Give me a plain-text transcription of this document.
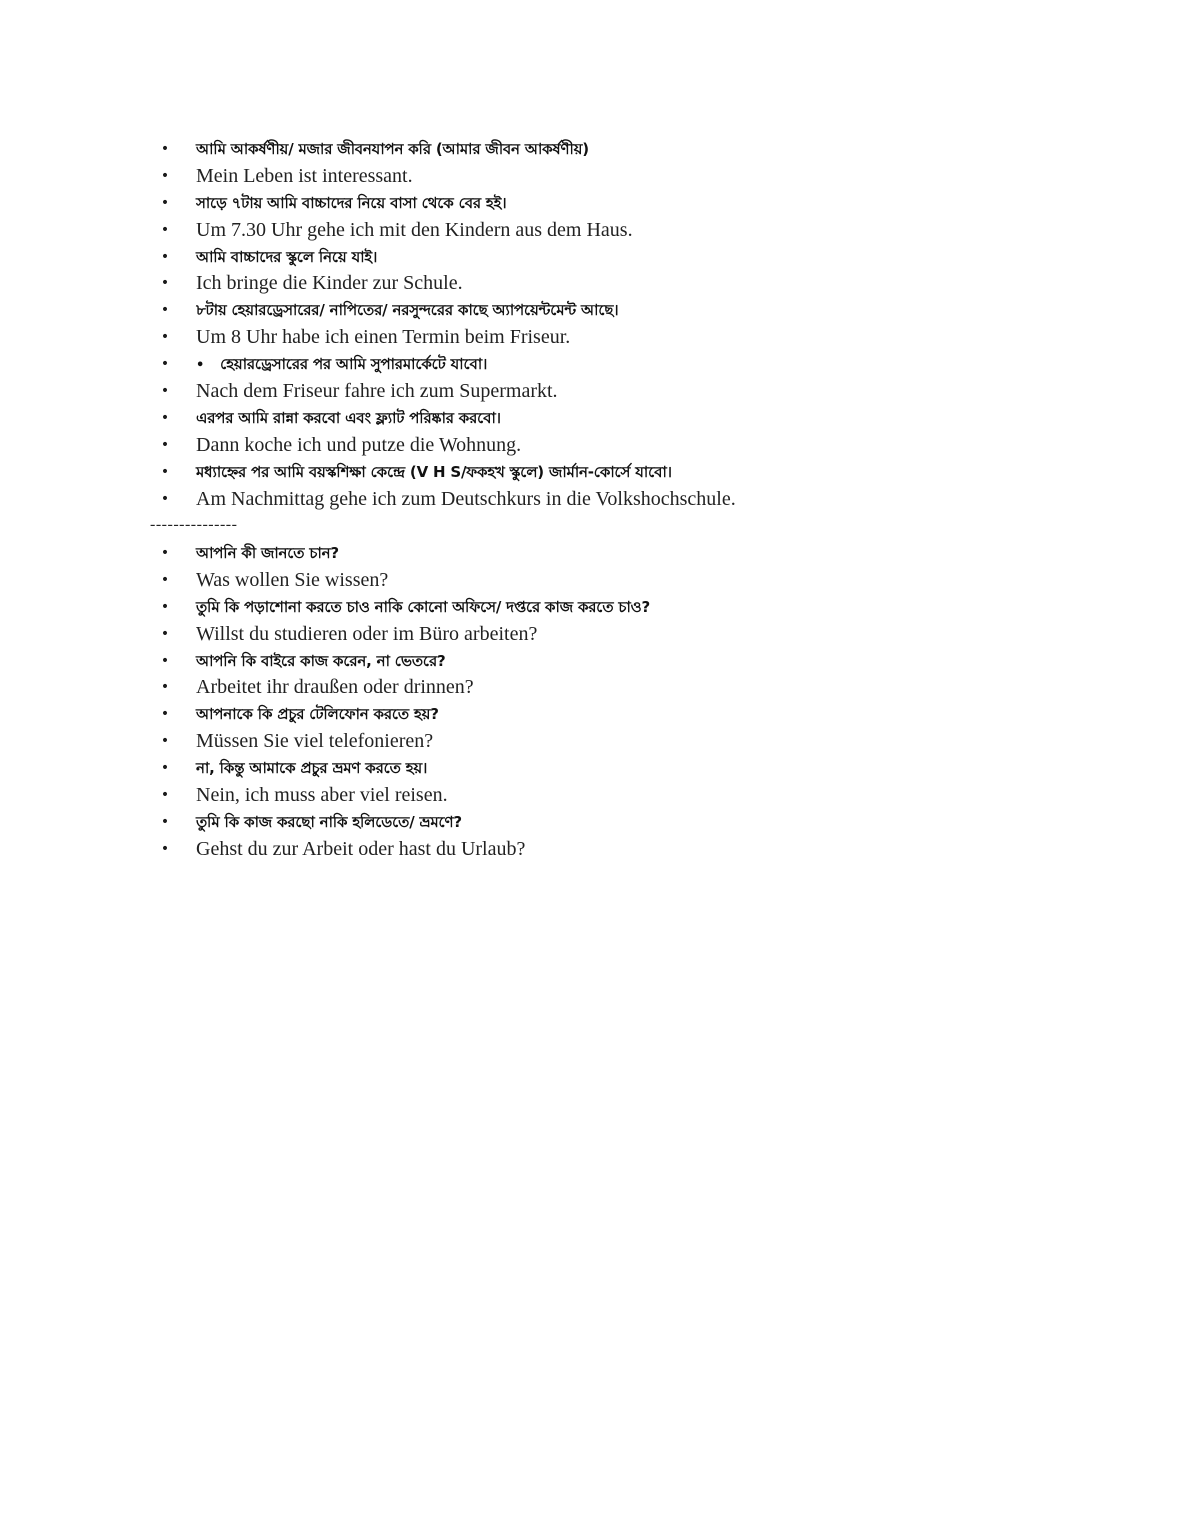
• আমি আকর্ষণীয়/ মজার জীবনযাপন করি (আমার জীবন আকর্ষণীয়)
• Mein Leben ist interessant.
• সাড়ে ৭টায় আমি বাচ্চাদের নিয়ে বাসা থেকে বের হই।
• Um 7.30 Uhr gehe ich mit den Kindern aus dem Haus.
• আমি বাচ্চাদের স্কুলে নিয়ে যাই।
• Ich bringe die Kinder zur Schule.
• ৮টায় হেয়ারড্রেসারের/ নাপিতের/ নরসুন্দরের কাছে অ্যাপয়েন্টমেন্ট আছে।
• Um 8 Uhr habe ich einen Termin beim Friseur.
• • হেয়ারড্রেসারের পর আমি সুপারমার্কেটে যাবো।
• Nach dem Friseur fahre ich zum Supermarkt.
• এরপর আমি রান্না করবো এবং ফ্ল্যাট পরিষ্কার করবো।
• Dann koche ich und putze die Wohnung.
• মধ্যাহ্নের পর আমি বয়স্কশিক্ষা কেন্দ্রে (V H S/ফকহখ স্কুলে) জার্মান-কোর্সে যাবো।
• Am Nachmittag gehe ich zum Deutschkurs in die Volkshochschule.
---------------
• আপনি কী জানতে চান?
• Was wollen Sie wissen?
• তুমি কি পড়াশোনা করতে চাও নাকি কোনো অফিসে/ দপ্তরে কাজ করতে চাও?
• Willst du studieren oder im Büro arbeiten?
• আপনি কি বাইরে কাজ করেন, না ভেতরে?
• Arbeitet ihr draußen oder drinnen?
• আপনাকে কি প্রচুর টেলিফোন করতে হয়?
• Müssen Sie viel telefonieren?
• না, কিন্তু আমাকে প্রচুর ভ্রমণ করতে হয়।
• Nein, ich muss aber viel reisen.
• তুমি কি কাজ করছো নাকি হলিডেতে/ ভ্রমণে?
• Gehst du zur Arbeit oder hast du Urlaub?
